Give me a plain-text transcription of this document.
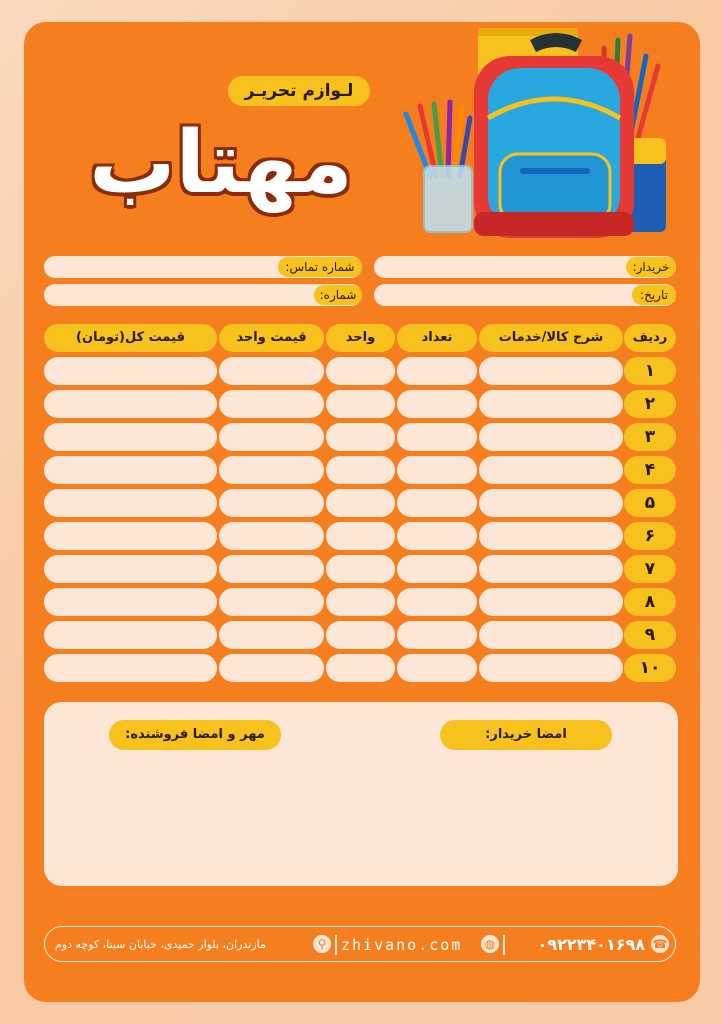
لـوازم تحریـر
مهتاب
خریدار:
تاریخ:
شماره تماس:
شماره:
ردیف
شرح کالا/خدمات
تعداد
واحد
قیمت واحد
قیمت کل(تومان)
۱
۲
۳
۴
۵
۶
۷
۸
۹
۱۰
امضا خریدار:
مهر و امضا فروشنده:
☎
۰۹۲۲۳۴۰۱۶۹۸
◍
zhivano.com
⚲
مازندران، بلوار حمیدی، خیابان سینا، کوچه دوم
